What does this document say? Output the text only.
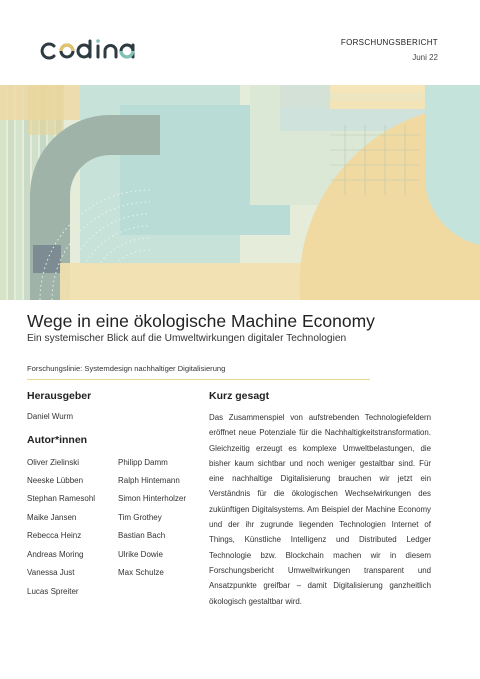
codina
FORSCHUNGSBERICHT
Juni 22
Wege in eine ökologische Machine Economy
Ein systemischer Blick auf die Umweltwirkungen digitaler Technologien
Forschungslinie: Systemdesign nachhaltiger Digitalisierung
Herausgeber
Daniel Wurm
Autor*innen
Oliver Zielinski
Neeske Lübben
Stephan Ramesohl
Maike Jansen
Rebecca Heinz
Andreas Moring
Vanessa Just
Lucas Spreiter
Philipp Damm
Ralph Hintemann
Simon Hinterholzer
Tim Grothey
Bastian Bach
Ulrike Dowie
Max Schulze
Kurz gesagt
Das Zusammenspiel von aufstrebenden Technologiefeldern eröffnet neue Potenziale für die Nachhaltigkeitstransformation. Gleichzeitig erzeugt es komplexe Umweltbelastungen, die bisher kaum sichtbar und noch weniger gestaltbar sind. Für eine nachhaltige Digitalisierung brauchen wir jetzt ein Verständnis für die ökologischen Wechselwirkungen des zukünftigen Digitalsystems. Am Beispiel der Machine Economy und der ihr zugrunde liegenden Technologien Internet of Things, Künstliche Intelligenz und Distributed Ledger Technologie bzw. Blockchain machen wir in diesem Forschungsbericht Umweltwirkungen transparent und Ansatzpunkte greifbar – damit Digitalisierung ganzheitlich ökologisch gestaltbar wird.
